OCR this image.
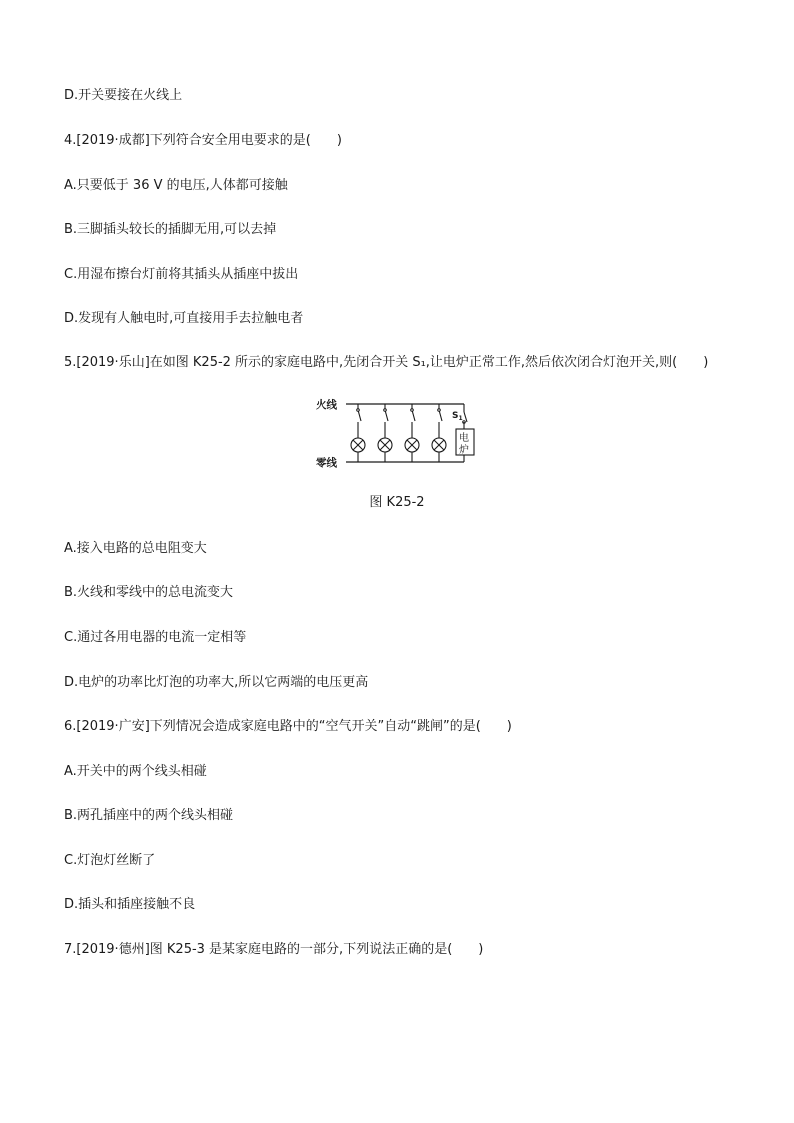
D.开关要接在火线上
4.[2019·成都]下列符合安全用电要求的是(　　)
A.只要低于 36 V 的电压,人体都可接触
B.三脚插头较长的插脚无用,可以去掉
C.用湿布擦台灯前将其插头从插座中拔出
D.发现有人触电时,可直接用手去拉触电者
5.[2019·乐山]在如图 K25-2 所示的家庭电路中,先闭合开关 S₁,让电炉正常工作,然后依次闭合灯泡开关,则(　　)
火线
零线
$S_1$
电
炉
图 K25-2
A.接入电路的总电阻变大
B.火线和零线中的总电流变大
C.通过各用电器的电流一定相等
D.电炉的功率比灯泡的功率大,所以它两端的电压更高
6.[2019·广安]下列情况会造成家庭电路中的“空气开关”自动“跳闸”的是(　　)
A.开关中的两个线头相碰
B.两孔插座中的两个线头相碰
C.灯泡灯丝断了
D.插头和插座接触不良
7.[2019·德州]图 K25-3 是某家庭电路的一部分,下列说法正确的是(　　)
